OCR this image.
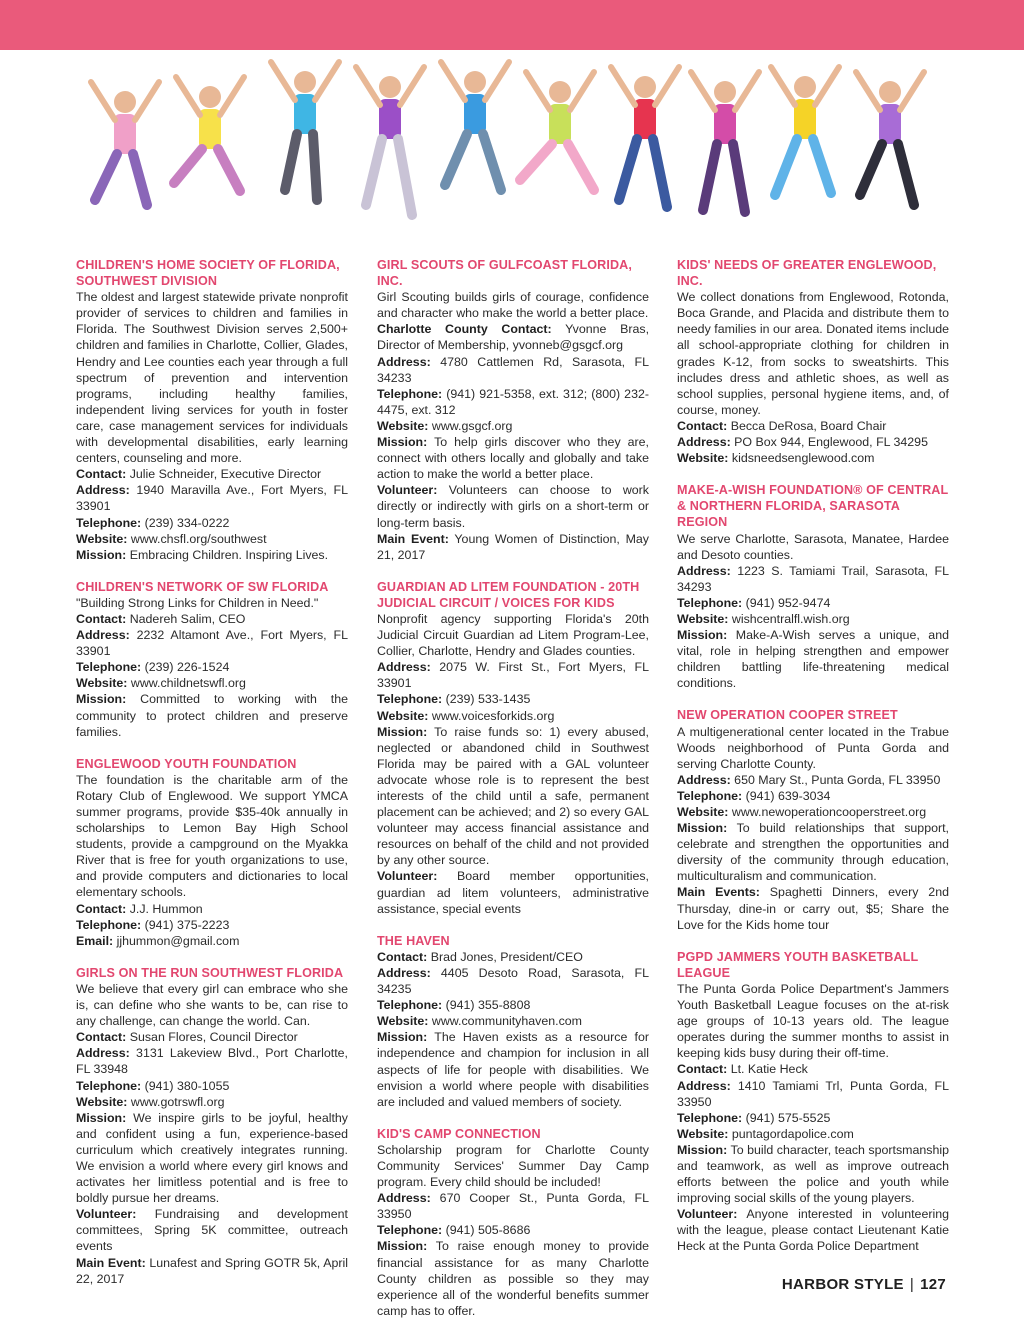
CHILDREN'S HOME SOCIETY OF FLORIDA, SOUTHWEST DIVISION

The oldest and largest statewide private nonprofit provider of services to children and families in Florida. The Southwest Division serves 2,500+ children and families in Charlotte, Collier, Glades, Hendry and Lee counties each year through a full spectrum of prevention and intervention programs, including healthy families, independent living services for youth in foster care, case management services for individuals with developmental disabilities, early learning centers, counseling and more.

Contact: Julie Schneider, Executive Director

Address: 1940 Maravilla Ave., Fort Myers, FL 33901

Telephone: (239) 334-0222

Website: www.chsfl.org/southwest

Mission: Embracing Children. Inspiring Lives.

CHILDREN'S NETWORK OF SW FLORIDA

"Building Strong Links for Children in Need."

Contact: Nadereh Salim, CEO

Address: 2232 Altamont Ave., Fort Myers, FL 33901

Telephone: (239) 226-1524

Website: www.childnetswfl.org

Mission: Committed to working with the community to protect children and preserve families.

ENGLEWOOD YOUTH FOUNDATION

The foundation is the charitable arm of the Rotary Club of Englewood. We support YMCA summer programs, provide $35-40k annually in scholarships to Lemon Bay High School students, provide a campground on the Myakka River that is free for youth organizations to use, and provide computers and dictionaries to local elementary schools.

Contact: J.J. Hummon

Telephone: (941) 375-2223

Email: jjhummon@gmail.com

GIRLS ON THE RUN SOUTHWEST FLORIDA

We believe that every girl can embrace who she is, can define who she wants to be, can rise to any challenge, can change the world. Can.

Contact: Susan Flores, Council Director

Address: 3131 Lakeview Blvd., Port Charlotte, FL 33948

Telephone: (941) 380-1055

Website: www.gotrswfl.org

Mission: We inspire girls to be joyful, healthy and confident using a fun, experience-based curriculum which creatively integrates running. We envision a world where every girl knows and activates her limitless potential and is free to boldly pursue her dreams.

Volunteer: Fundraising and development committees, Spring 5K committee, outreach events

Main Event: Lunafest and Spring GOTR 5k, April 22, 2017

GIRL SCOUTS OF GULFCOAST FLORIDA, INC.

Girl Scouting builds girls of courage, confidence and character who make the world a better place.

Charlotte County Contact: Yvonne Bras, Director of Membership, yvonneb@gsgcf.org

Address: 4780 Cattlemen Rd, Sarasota, FL 34233

Telephone: (941) 921-5358, ext. 312; (800) 232-4475, ext. 312

Website: www.gsgcf.org

Mission: To help girls discover who they are, connect with others locally and globally and take action to make the world a better place.

Volunteer: Volunteers can choose to work directly or indirectly with girls on a short-term or long-term basis.

Main Event: Young Women of Distinction, May 21, 2017

GUARDIAN AD LITEM FOUNDATION - 20TH JUDICIAL CIRCUIT / VOICES FOR KIDS

Nonprofit agency supporting Florida's 20th Judicial Circuit Guardian ad Litem Program-Lee, Collier, Charlotte, Hendry and Glades counties.

Address: 2075 W. First St., Fort Myers, FL 33901

Telephone: (239) 533-1435

Website: www.voicesforkids.org

Mission: To raise funds so: 1) every abused, neglected or abandoned child in Southwest Florida may be paired with a GAL volunteer advocate whose role is to represent the best interests of the child until a safe, permanent placement can be achieved; and 2) so every GAL volunteer may access financial assistance and resources on behalf of the child and not provided by any other source.

Volunteer: Board member opportunities, guardian ad litem volunteers, administrative assistance, special events

THE HAVEN

Contact: Brad Jones, President/CEO

Address: 4405 Desoto Road, Sarasota, FL 34235

Telephone: (941) 355-8808

Website: www.communityhaven.com

Mission: The Haven exists as a resource for independence and champion for inclusion in all aspects of life for people with disabilities. We envision a world where people with disabilities are included and valued members of society.

KID'S CAMP CONNECTION

Scholarship program for Charlotte County Community Services' Summer Day Camp program. Every child should be included!

Address: 670 Cooper St., Punta Gorda, FL 33950

Telephone: (941) 505-8686

Mission: To raise enough money to provide financial assistance for as many Charlotte County children as possible so they may experience all of the wonderful benefits summer camp has to offer.

KIDS' NEEDS OF GREATER ENGLEWOOD, INC.

We collect donations from Englewood, Rotonda, Boca Grande, and Placida and distribute them to needy families in our area. Donated items include all school-appropriate clothing for children in grades K-12, from socks to sweatshirts. This includes dress and athletic shoes, as well as school supplies, personal hygiene items, and, of course, money.

Contact: Becca DeRosa, Board Chair

Address: PO Box 944, Englewood, FL 34295

Website: kidsneedsenglewood.com

MAKE-A-WISH FOUNDATION® OF CENTRAL & NORTHERN FLORIDA, SARASOTA REGION

We serve Charlotte, Sarasota, Manatee, Hardee and Desoto counties.

Address: 1223 S. Tamiami Trail, Sarasota, FL 34293

Telephone: (941) 952-9474

Website: wishcentralfl.wish.org

Mission: Make-A-Wish serves a unique, and vital, role in helping strengthen and empower children battling life-threatening medical conditions.

NEW OPERATION COOPER STREET

A multigenerational center located in the Trabue Woods neighborhood of Punta Gorda and serving Charlotte County.

Address: 650 Mary St., Punta Gorda, FL 33950

Telephone: (941) 639-3034

Website: www.newoperationcooperstreet.org

Mission: To build relationships that support, celebrate and strengthen the opportunities and diversity of the community through education, multiculturalism and communication.

Main Events: Spaghetti Dinners, every 2nd Thursday, dine-in or carry out, $5; Share the Love for the Kids home tour

PGPD JAMMERS YOUTH BASKETBALL LEAGUE

The Punta Gorda Police Department's Jammers Youth Basketball League focuses on the at-risk age groups of 10-13 years old. The league operates during the summer months to assist in keeping kids busy during their off-time.

Contact: Lt. Katie Heck

Address: 1410 Tamiami Trl, Punta Gorda, FL 33950

Telephone: (941) 575-5525

Website: puntagordapolice.com

Mission: To build character, teach sportsmanship and teamwork, as well as improve outreach efforts between the police and youth while improving social skills of the young players.

Volunteer: Anyone interested in volunteering with the league, please contact Lieutenant Katie Heck at the Punta Gorda Police Department

HARBOR STYLE | 127
